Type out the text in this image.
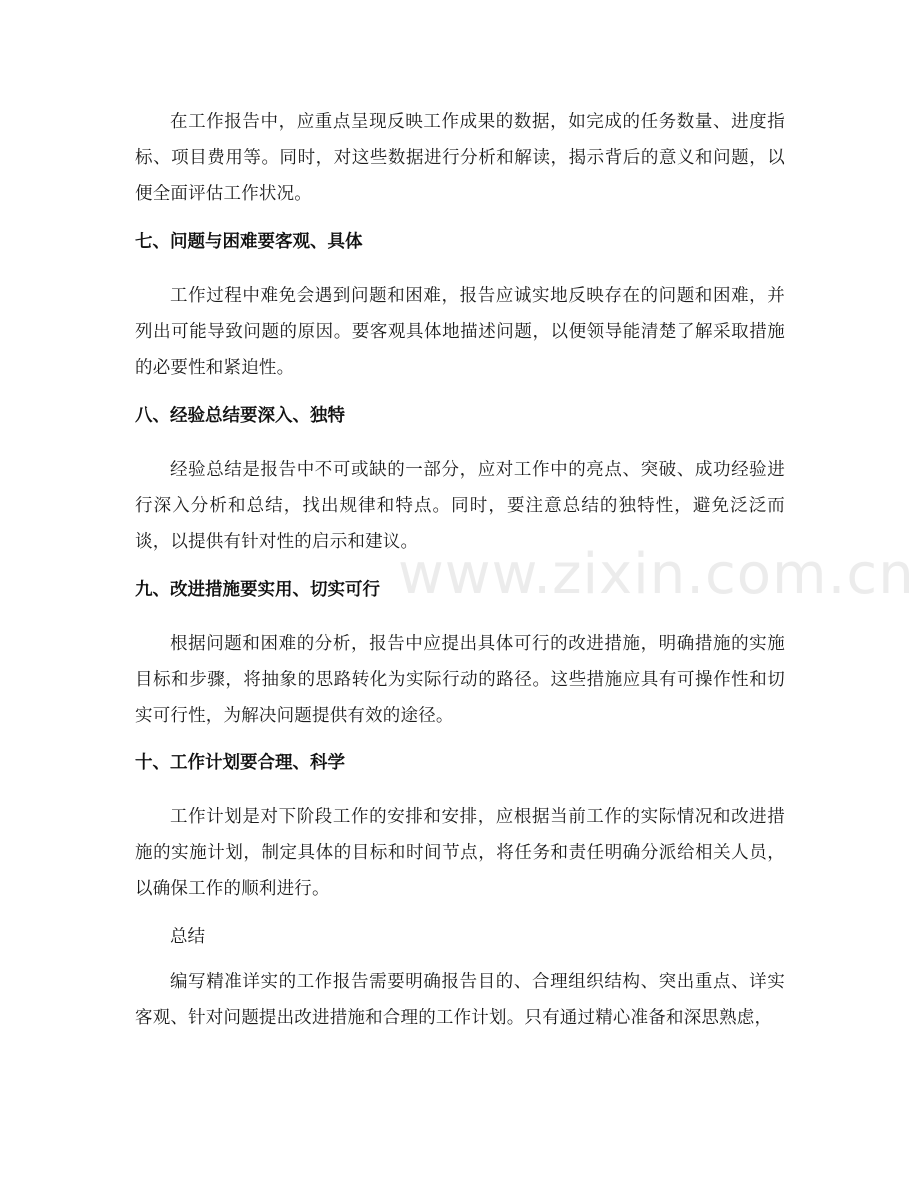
在工作报告中，应重点呈现反映工作成果的数据，如完成的任务数量、进度指标、项目费用等。同时，对这些数据进行分析和解读，揭示背后的意义和问题，以便全面评估工作状况。

七、问题与困难要客观、具体

工作过程中难免会遇到问题和困难，报告应诚实地反映存在的问题和困难，并列出可能导致问题的原因。要客观具体地描述问题，以便领导能清楚了解采取措施的必要性和紧迫性。

八、经验总结要深入、独特

经验总结是报告中不可或缺的一部分，应对工作中的亮点、突破、成功经验进行深入分析和总结，找出规律和特点。同时，要注意总结的独特性，避免泛泛而谈，以提供有针对性的启示和建议。

九、改进措施要实用、切实可行

根据问题和困难的分析，报告中应提出具体可行的改进措施，明确措施的实施目标和步骤，将抽象的思路转化为实际行动的路径。这些措施应具有可操作性和切实可行性，为解决问题提供有效的途径。

十、工作计划要合理、科学

工作计划是对下阶段工作的安排和安排，应根据当前工作的实际情况和改进措施的实施计划，制定具体的目标和时间节点，将任务和责任明确分派给相关人员，以确保工作的顺利进行。

总结

编写精准详实的工作报告需要明确报告目的、合理组织结构、突出重点、详实客观、针对问题提出改进措施和合理的工作计划。只有通过精心准备和深思熟虑，

www.zixin.com.cn
